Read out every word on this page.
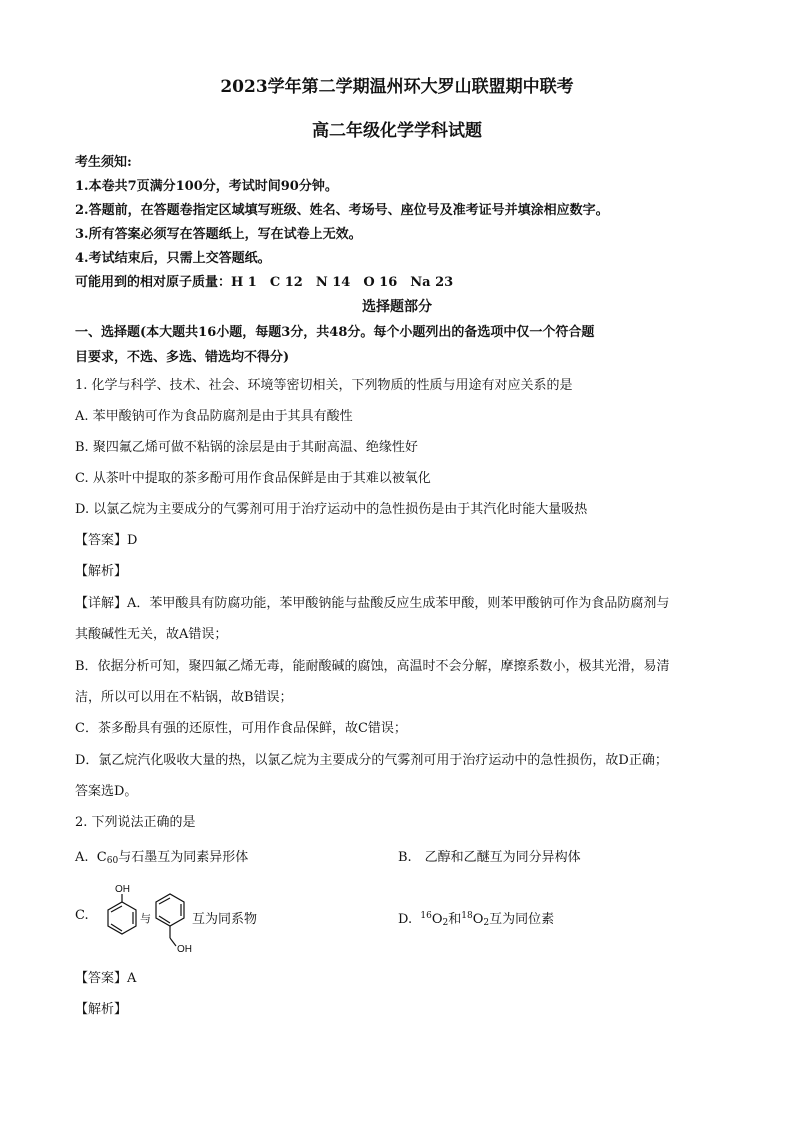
2023学年第二学期温州环大罗山联盟期中联考
高二年级化学学科试题
考生须知:
1.本卷共7页满分100分，考试时间90分钟。
2.答题前，在答题卷指定区域填写班级、姓名、考场号、座位号及准考证号并填涂相应数字。
3.所有答案必须写在答题纸上，写在试卷上无效。
4.考试结束后，只需上交答题纸。
可能用到的相对原子质量：H 1　C 12　N 14　O 16　Na 23
选择题部分
一、选择题(本大题共16小题，每题3分，共48分。每个小题列出的备选项中仅一个符合题
目要求，不选、多选、错选均不得分)
1. 化学与科学、技术、社会、环境等密切相关，下列物质的性质与用途有对应关系的是
A. 苯甲酸钠可作为食品防腐剂是由于其具有酸性
B. 聚四氟乙烯可做不粘锅的涂层是由于其耐高温、绝缘性好
C. 从茶叶中提取的茶多酚可用作食品保鲜是由于其难以被氧化
D. 以氯乙烷为主要成分的气雾剂可用于治疗运动中的急性损伤是由于其汽化时能大量吸热
【答案】D
【解析】
【详解】A．苯甲酸具有防腐功能，苯甲酸钠能与盐酸反应生成苯甲酸，则苯甲酸钠可作为食品防腐剂与
其酸碱性无关，故A错误；
B．依据分析可知，聚四氟乙烯无毒，能耐酸碱的腐蚀，高温时不会分解，摩擦系数小，极其光滑，易清
洁，所以可以用在不粘锅，故B错误；
C．茶多酚具有强的还原性，可用作食品保鲜，故C错误；
D．氯乙烷汽化吸收大量的热，以氯乙烷为主要成分的气雾剂可用于治疗运动中的急性损伤，故D正确；
答案选D。
2. 下列说法正确的是
A. C60与石墨互为同素异形体	B.　乙醇和乙醚互为同分异构体
C.
OH
与
OH
互为同系物	D. $^{16}$O2和$^{18}$O2互为同位素
【答案】A
【解析】
